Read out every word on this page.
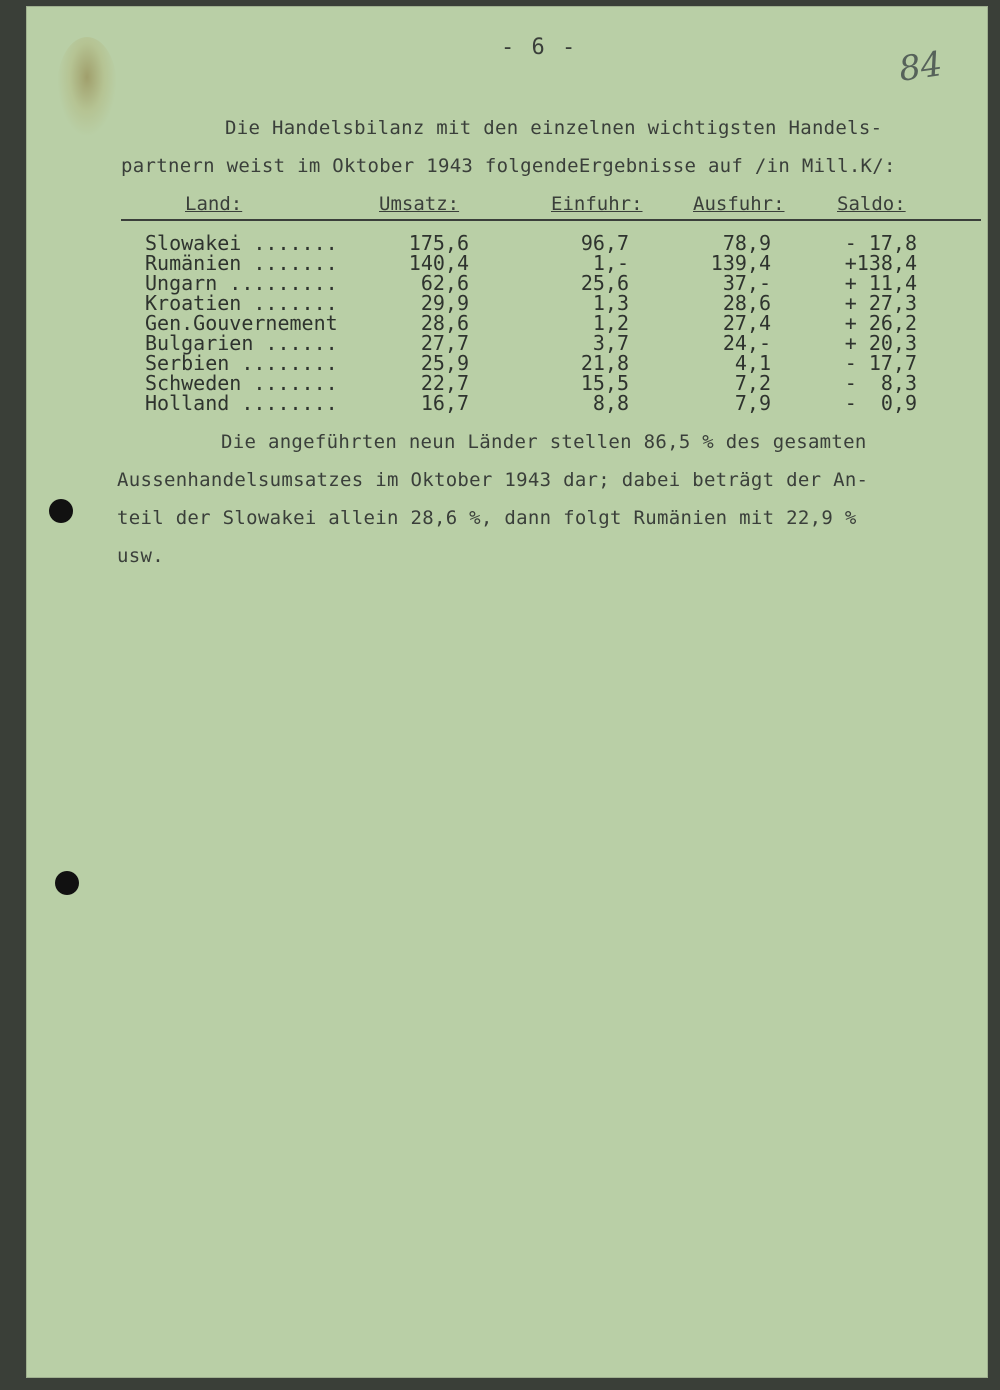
- 6 -	84
Die Handelsbilanz mit den einzelnen wichtigsten Handels-
partnern weist im Oktober 1943 folgendeErgebnisse auf /in Mill.K/:
Land:	Umsatz:	Einfuhr:	Ausfuhr:	Saldo:
Slowakei .......	175,6	96,7	78,9	- 17,8
Rumänien .......	140,4	1,-	139,4	+138,4
Ungarn .........	62,6	25,6	37,-	+ 11,4
Kroatien .......	29,9	1,3	28,6	+ 27,3
Gen.Gouvernement	28,6	1,2	27,4	+ 26,2
Bulgarien ......	27,7	3,7	24,-	+ 20,3
Serbien ........	25,9	21,8	4,1	- 17,7
Schweden .......	22,7	15,5	7,2	-  8,3
Holland ........	16,7	8,8	7,9	-  0,9
Die angeführten neun Länder stellen 86,5 % des gesamten
Aussenhandelsumsatzes im Oktober 1943 dar; dabei beträgt der An-
teil der Slowakei allein 28,6 %, dann folgt Rumänien mit 22,9 %
usw.
